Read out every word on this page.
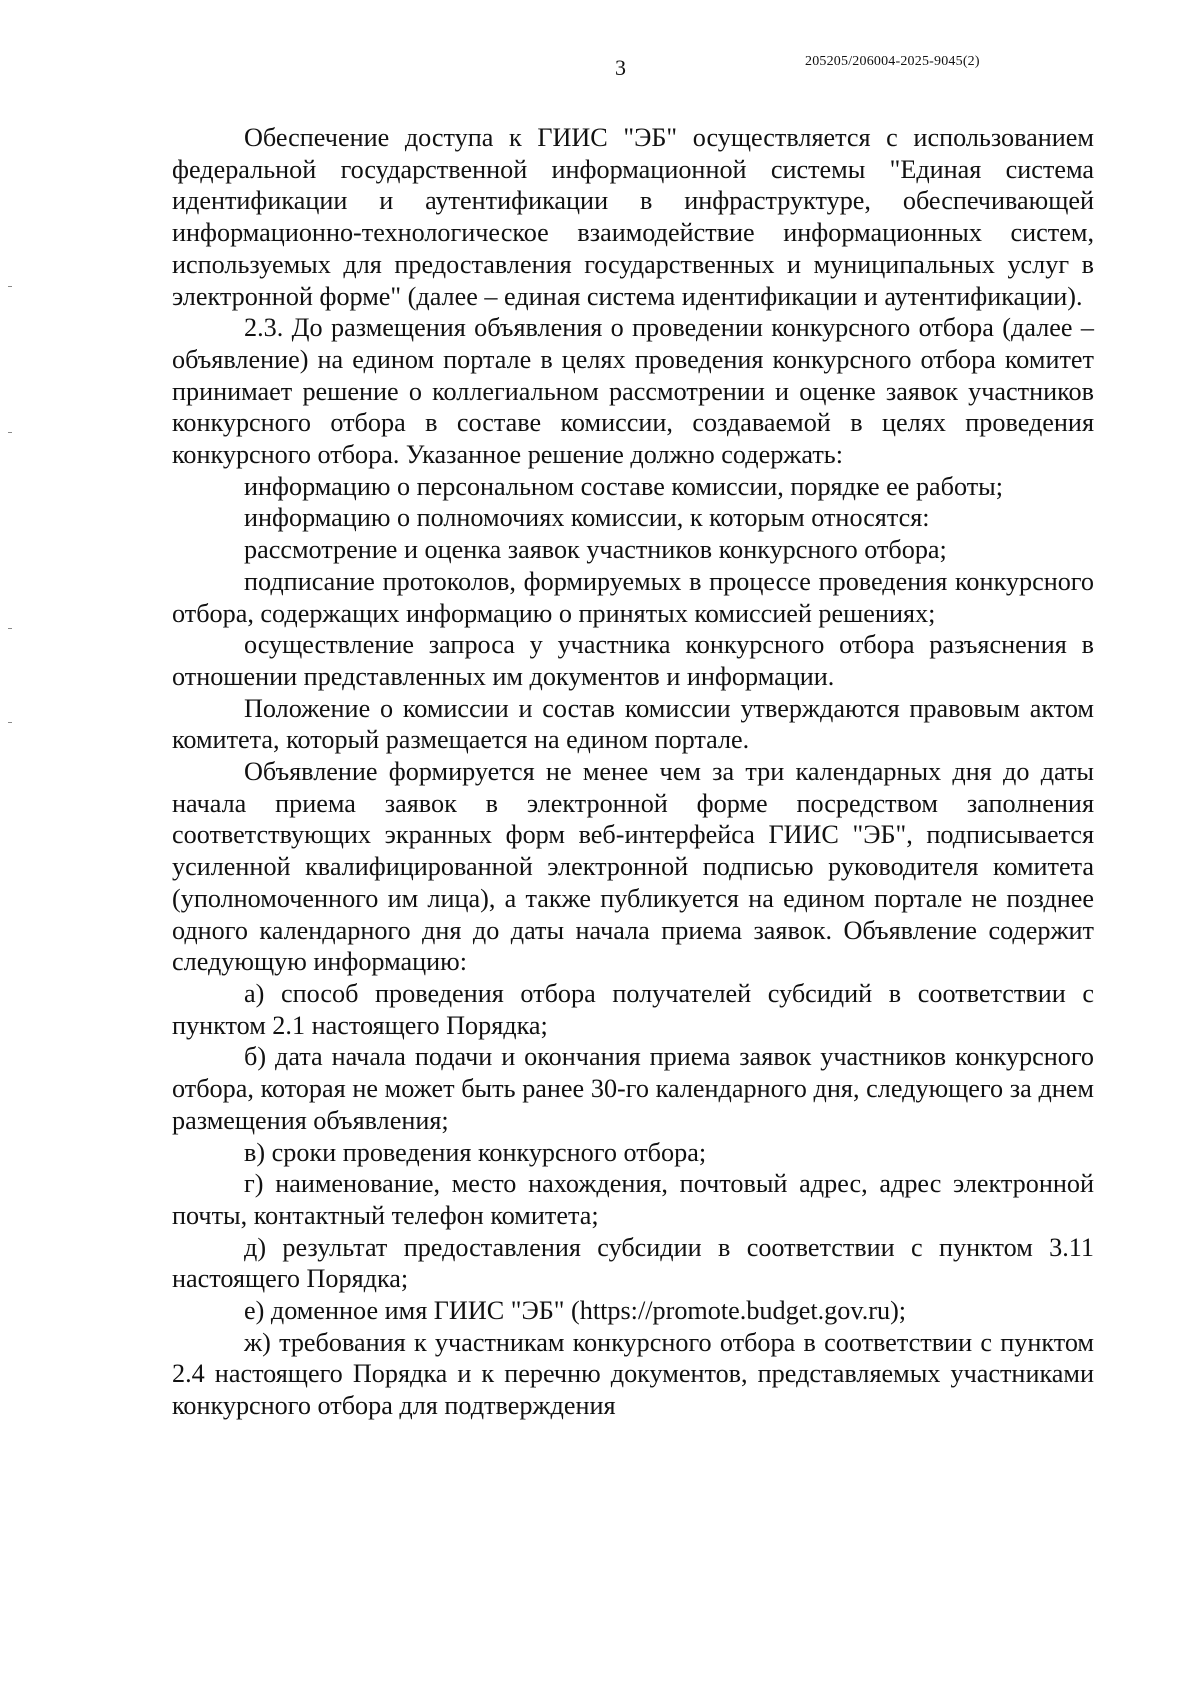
3	205205/206004-2025-9045(2)

Обеспечение доступа к ГИИС "ЭБ" осуществляется с использованием федеральной государственной информационной системы "Единая система идентификации и аутентификации в инфраструктуре, обеспечивающей информационно-технологическое взаимодействие информационных систем, используемых для предоставления государственных и муниципальных услуг в электронной форме" (далее – единая система идентификации и аутентификации).

2.3. До размещения объявления о проведении конкурсного отбора (далее – объявление) на едином портале в целях проведения конкурсного отбора комитет принимает решение о коллегиальном рассмотрении и оценке заявок участников конкурсного отбора в составе комиссии, создаваемой в целях проведения конкурсного отбора. Указанное решение должно содержать:

информацию о персональном составе комиссии, порядке ее работы;

информацию о полномочиях комиссии, к которым относятся:

рассмотрение и оценка заявок участников конкурсного отбора;

подписание протоколов, формируемых в процессе проведения конкурсного отбора, содержащих информацию о принятых комиссией решениях;

осуществление запроса у участника конкурсного отбора разъяснения в отношении представленных им документов и информации.

Положение о комиссии и состав комиссии утверждаются правовым актом комитета, который размещается на едином портале.

Объявление формируется не менее чем за три календарных дня до даты начала приема заявок в электронной форме посредством заполнения соответствующих экранных форм веб-интерфейса ГИИС "ЭБ", подписывается усиленной квалифицированной электронной подписью руководителя комитета (уполномоченного им лица), а также публикуется на едином портале не позднее одного календарного дня до даты начала приема заявок. Объявление содержит следующую информацию:

а) способ проведения отбора получателей субсидий в соответствии с пунктом 2.1 настоящего Порядка;

б) дата начала подачи и окончания приема заявок участников конкурсного отбора, которая не может быть ранее 30-го календарного дня, следующего за днем размещения объявления;

в) сроки проведения конкурсного отбора;

г) наименование, место нахождения, почтовый адрес, адрес электронной почты, контактный телефон комитета;

д) результат предоставления субсидии в соответствии с пунктом 3.11 настоящего Порядка;

е) доменное имя ГИИС "ЭБ" (https://promote.budget.gov.ru);

ж) требования к участникам конкурсного отбора в соответствии с пунктом 2.4 настоящего Порядка и к перечню документов, представляемых участниками конкурсного отбора для подтверждения
